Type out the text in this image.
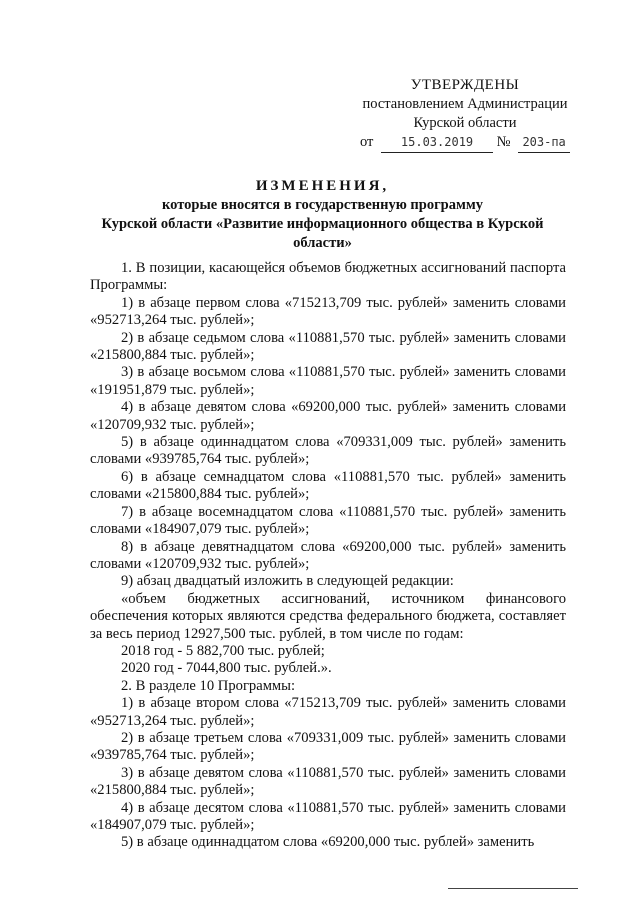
УТВЕРЖДЕНЫ
постановлением Администрации
Курской области
от 15.03.2019 № 203-па
ИЗМЕНЕНИЯ,
которые вносятся в государственную программу
Курской области «Развитие информационного общества в Курской
области»

1. В позиции, касающейся объемов бюджетных ассигнований паспорта Программы:

1) в абзаце первом слова «715213,709 тыс. рублей» заменить словами «952713,264 тыс. рублей»;

2) в абзаце седьмом слова «110881,570 тыс. рублей» заменить словами «215800,884 тыс. рублей»;

3) в абзаце восьмом слова «110881,570 тыс. рублей» заменить словами «191951,879 тыс. рублей»;

4) в абзаце девятом слова «69200,000 тыс. рублей» заменить словами «120709,932 тыс. рублей»;

5) в абзаце одиннадцатом слова «709331,009 тыс. рублей» заменить словами «939785,764 тыс. рублей»;

6) в абзаце семнадцатом слова «110881,570 тыс. рублей» заменить словами «215800,884 тыс. рублей»;

7) в абзаце восемнадцатом слова «110881,570 тыс. рублей» заменить словами «184907,079 тыс. рублей»;

8) в абзаце девятнадцатом слова «69200,000 тыс. рублей» заменить словами «120709,932 тыс. рублей»;

9) абзац двадцатый изложить в следующей редакции:

«объем бюджетных ассигнований, источником финансового обеспечения которых являются средства федерального бюджета, составляет за весь период 12927,500 тыс. рублей, в том числе по годам:

2018 год - 5 882,700 тыс. рублей;

2020 год - 7044,800 тыс. рублей.».

2. В разделе 10 Программы:

1) в абзаце втором слова «715213,709 тыс. рублей» заменить словами «952713,264 тыс. рублей»;

2) в абзаце третьем слова «709331,009 тыс. рублей» заменить словами «939785,764 тыс. рублей»;

3) в абзаце девятом слова «110881,570 тыс. рублей» заменить словами «215800,884 тыс. рублей»;

4) в абзаце десятом слова «110881,570 тыс. рублей» заменить словами «184907,079 тыс. рублей»;

5) в абзаце одиннадцатом слова «69200,000 тыс. рублей» заменить
